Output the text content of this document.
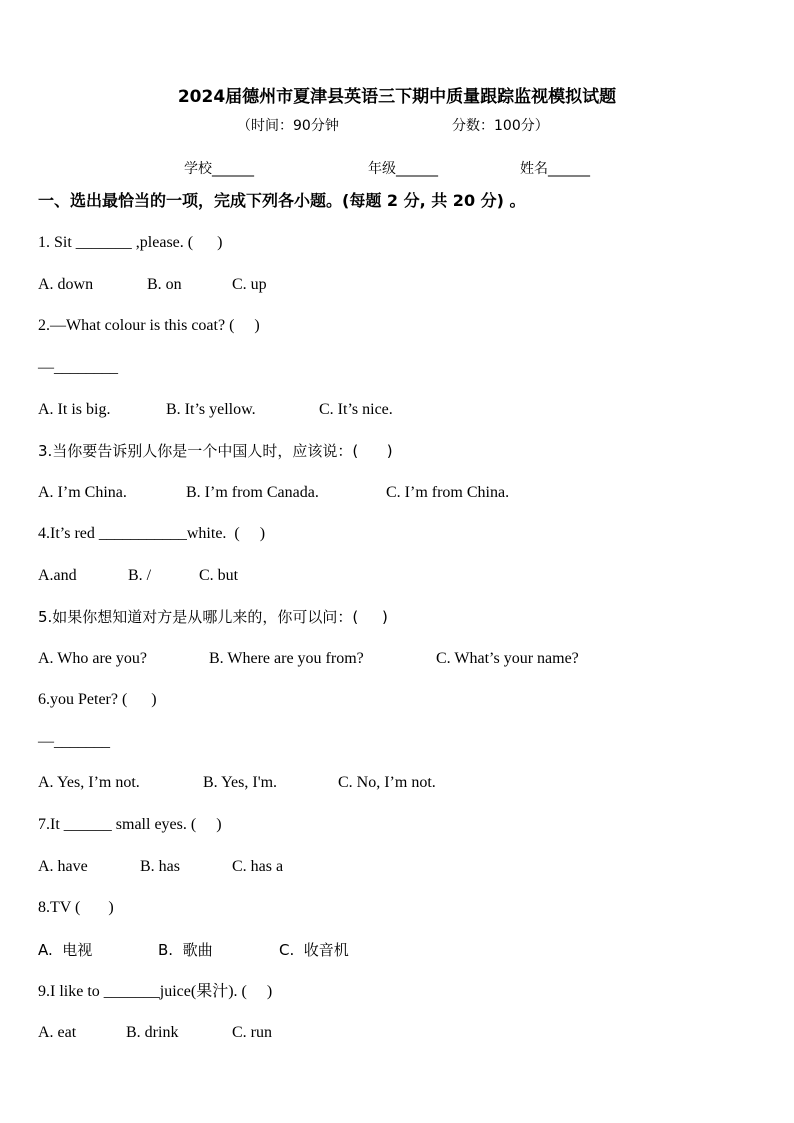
2024届德州市夏津县英语三下期中质量跟踪监视模拟试题
（时间：90分钟	分数：100分）
学校______	年级______	姓名______
一、选出最恰当的一项，完成下列各小题。(每题 2 分, 共 20 分) 。
1. Sit _______ ,please. (      )
A. down	B. on	C. up
2.—What colour is this coat? (     )
—________
A. It is big.	B. It’s yellow.	C. It’s nice.
3.当你要告诉别人你是一个中国人时，应该说：(      )
A. I’m China.	B. I’m from Canada.	C. I’m from China.
4.It’s red ___________white.  (     )
A.and	B. /	C. but
5.如果你想知道对方是从哪儿来的，你可以问：(     )
A. Who are you?	B. Where are you from?	C. What’s your name?
6.you Peter? (      )
—_______
A. Yes, I’m not.	B. Yes, I'm.	C. No, I’m not.
7.It ______ small eyes. (     )
A. have	B. has	C. has a
8.TV (       )
A.  电视	B.  歌曲	C.  收音机
9.I like to _______juice(果汁). (     )
A. eat	B. drink	C. run
